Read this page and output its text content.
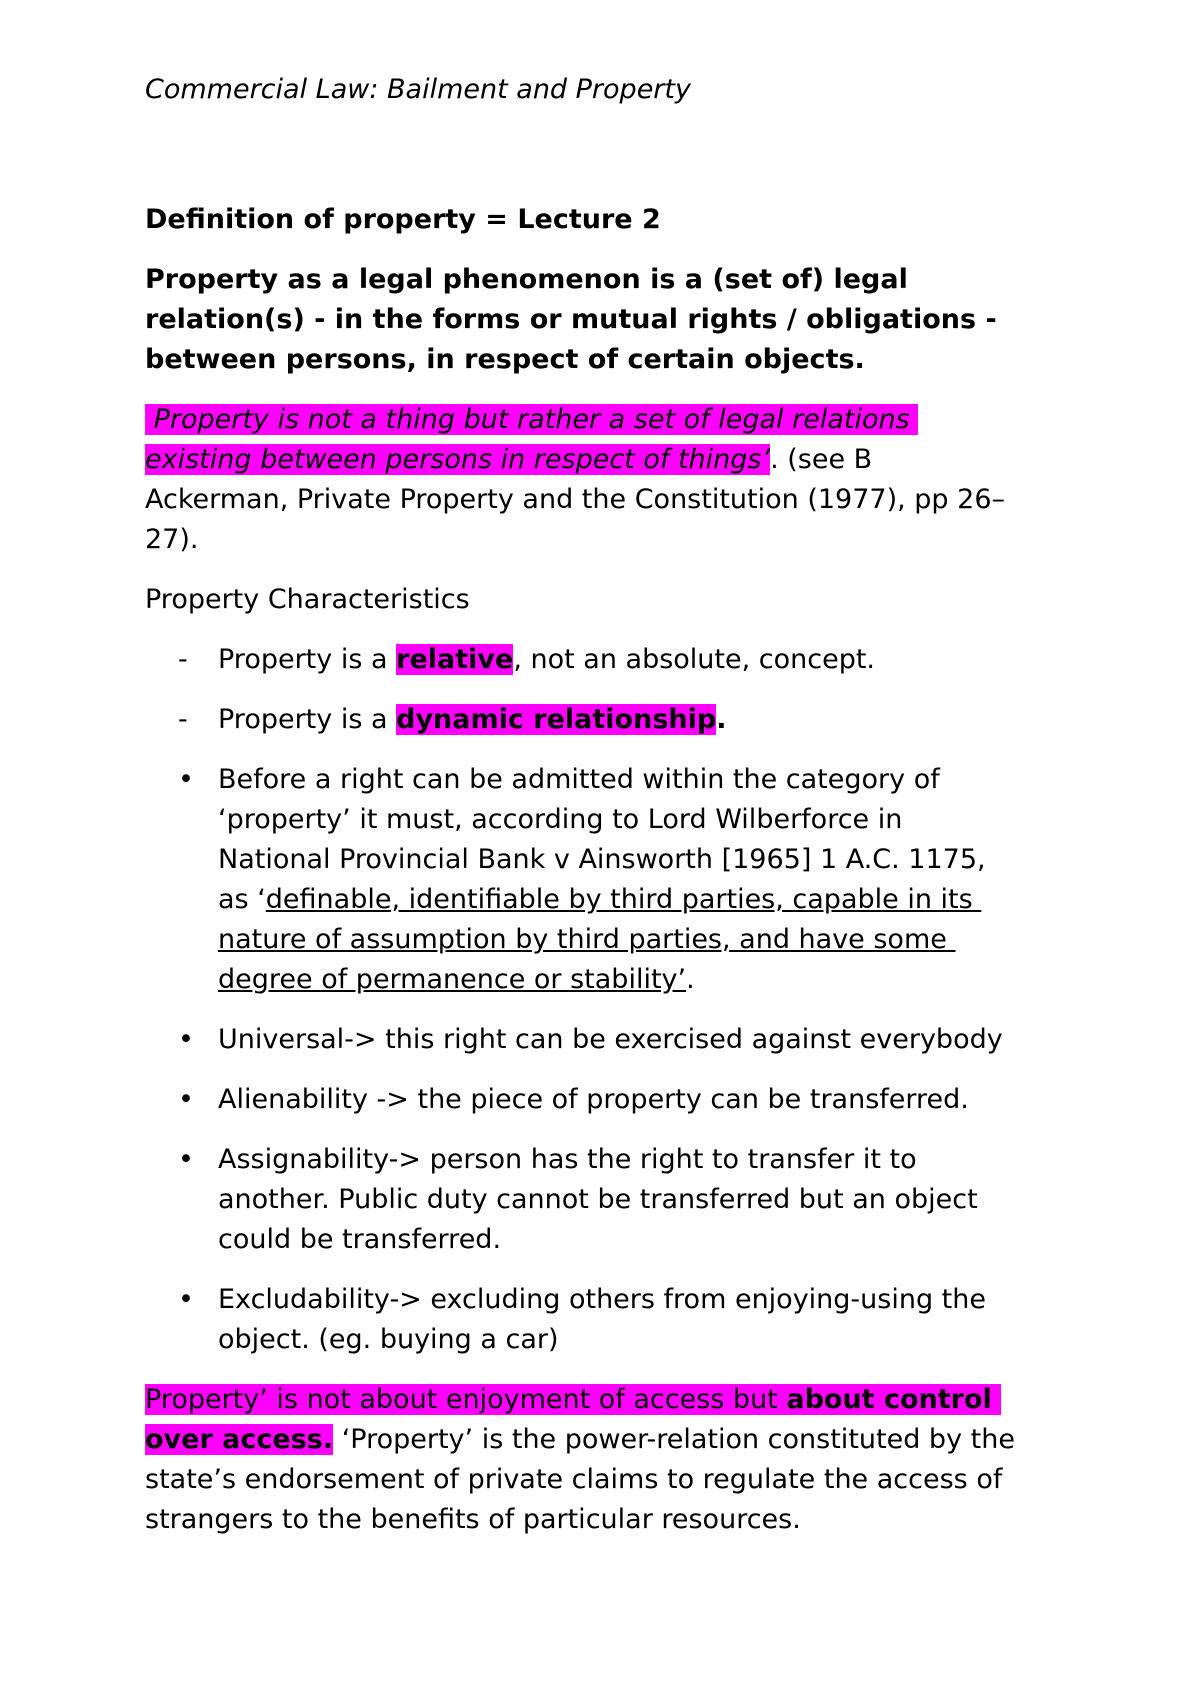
Commercial Law: Bailment and Property
Definition of property = Lecture 2
Property as a legal phenomenon is a (set of) legal
relation(s) - in the forms or mutual rights / obligations -
between persons, in respect of certain objects.
Property is not a thing but rather a set of legal relations
existing between persons in respect of things’. (see B
Ackerman, Private Property and the Constitution (1977), pp 26–
27).
Property Characteristics
- Property is a relative, not an absolute, concept.
- Property is a dynamic relationship.
• Before a right can be admitted within the category of
‘property’ it must, according to Lord Wilberforce in
National Provincial Bank v Ainsworth [1965] 1 A.C. 1175,
as ‘definable, identifiable by third parties, capable in its
nature of assumption by third parties, and have some
degree of permanence or stability’.
• Universal-> this right can be exercised against everybody
• Alienability -> the piece of property can be transferred.
• Assignability-> person has the right to transfer it to
another. Public duty cannot be transferred but an object
could be transferred.
• Excludability-> excluding others from enjoying-using the
object. (eg. buying a car)
Property’ is not about enjoyment of access but about control
over access. ‘Property’ is the power-relation constituted by the
state’s endorsement of private claims to regulate the access of
strangers to the benefits of particular resources.
